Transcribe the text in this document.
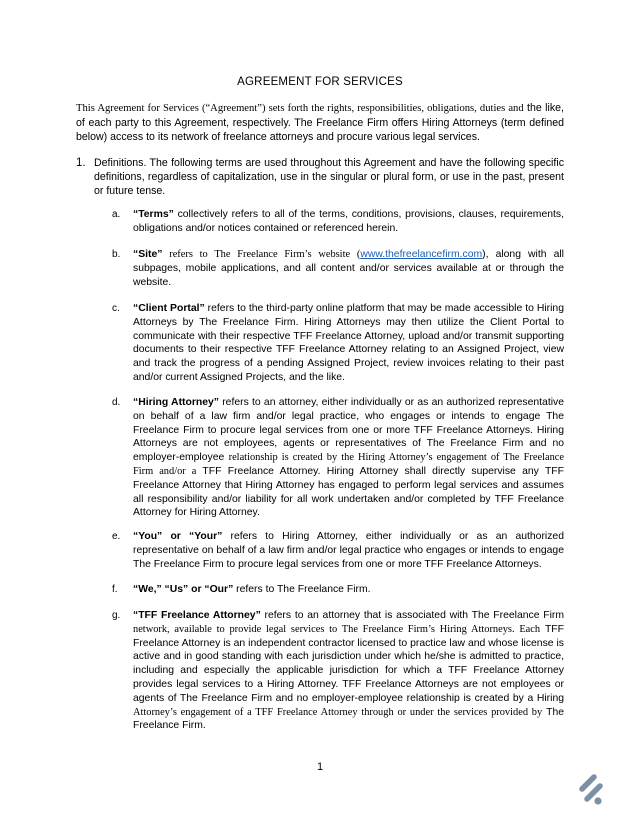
AGREEMENT FOR SERVICES
This Agreement for Services (“Agreement”) sets forth the rights, responsibilities, obligations, duties and the like, of each party to this Agreement, respectively. The Freelance Firm offers Hiring Attorneys (term defined below) access to its network of freelance attorneys and procure various legal services.
1. Definitions. The following terms are used throughout this Agreement and have the following specific definitions, regardless of capitalization, use in the singular or plural form, or use in the past, present or future tense.
a. “Terms” collectively refers to all of the terms, conditions, provisions, clauses, requirements, obligations and/or notices contained or referenced herein.
b. “Site” refers to The Freelance Firm’s website (www.thefreelancefirm.com), along with all subpages, mobile applications, and all content and/or services available at or through the website.
c. “Client Portal” refers to the third-party online platform that may be made accessible to Hiring Attorneys by The Freelance Firm. Hiring Attorneys may then utilize the Client Portal to communicate with their respective TFF Freelance Attorney, upload and/or transmit supporting documents to their respective TFF Freelance Attorney relating to an Assigned Project, view and track the progress of a pending Assigned Project, review invoices relating to their past and/or current Assigned Projects, and the like.
d. “Hiring Attorney” refers to an attorney, either individually or as an authorized representative on behalf of a law firm and/or legal practice, who engages or intends to engage The Freelance Firm to procure legal services from one or more TFF Freelance Attorneys. Hiring Attorneys are not employees, agents or representatives of The Freelance Firm and no employer-employee relationship is created by the Hiring Attorney’s engagement of The Freelance Firm and/or a TFF Freelance Attorney. Hiring Attorney shall directly supervise any TFF Freelance Attorney that Hiring Attorney has engaged to perform legal services and assumes all responsibility and/or liability for all work undertaken and/or completed by TFF Freelance Attorney for Hiring Attorney.
e. “You” or “Your” refers to Hiring Attorney, either individually or as an authorized representative on behalf of a law firm and/or legal practice who engages or intends to engage The Freelance Firm to procure legal services from one or more TFF Freelance Attorneys.
f. “We,” “Us” or “Our” refers to The Freelance Firm.
g. “TFF Freelance Attorney” refers to an attorney that is associated with The Freelance Firm network, available to provide legal services to The Freelance Firm’s Hiring Attorneys. Each TFF Freelance Attorney is an independent contractor licensed to practice law and whose license is active and in good standing with each jurisdiction under which he/she is admitted to practice, including and especially the applicable jurisdiction for which a TFF Freelance Attorney provides legal services to a Hiring Attorney. TFF Freelance Attorneys are not employees or agents of The Freelance Firm and no employer-employee relationship is created by a Hiring Attorney’s engagement of a TFF Freelance Attorney through or under the services provided by The Freelance Firm.
1
